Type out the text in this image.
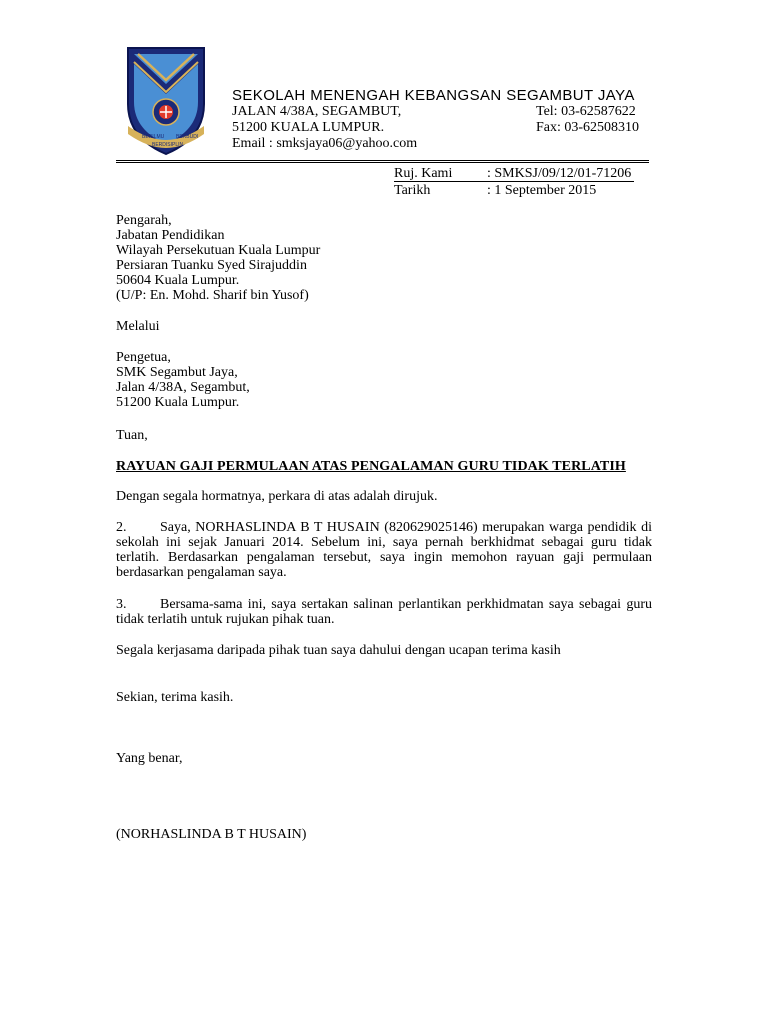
BERILMU BERBUDI
BERDISIPLIN
SEKOLAH MENENGAH KEBANGSAN SEGAMBUT JAYA
JALAN 4/38A, SEGAMBUT,
51200 KUALA LUMPUR.
Email : smksjaya06@yahoo.com
Tel: 03-62587622
Fax: 03-62508310
Ruj. Kami : SMKSJ/09/12/01-71206
Tarikh	: 1 September 2015
Pengarah,
Jabatan Pendidikan
Wilayah Persekutuan Kuala Lumpur
Persiaran Tuanku Syed Sirajuddin
50604 Kuala Lumpur.
(U/P: En. Mohd. Sharif bin Yusof)
Melalui
Pengetua,
SMK Segambut Jaya,
Jalan 4/38A, Segambut,
51200 Kuala Lumpur.
Tuan,
RAYUAN GAJI PERMULAAN ATAS PENGALAMAN GURU TIDAK TERLATIH
Dengan segala hormatnya, perkara di atas adalah dirujuk.
2. Saya, NORHASLINDA B T HUSAIN (820629025146) merupakan warga pendidik di sekolah ini sejak Januari 2014. Sebelum ini, saya pernah berkhidmat sebagai guru tidak terlatih. Berdasarkan pengalaman tersebut, saya ingin memohon rayuan gaji permulaan berdasarkan pengalaman saya.
3. Bersama-sama ini, saya sertakan salinan perlantikan perkhidmatan saya sebagai guru tidak terlatih untuk rujukan pihak tuan.
Segala kerjasama daripada pihak tuan saya dahului dengan ucapan terima kasih
Sekian, terima kasih.
Yang benar,
(NORHASLINDA B T HUSAIN)
